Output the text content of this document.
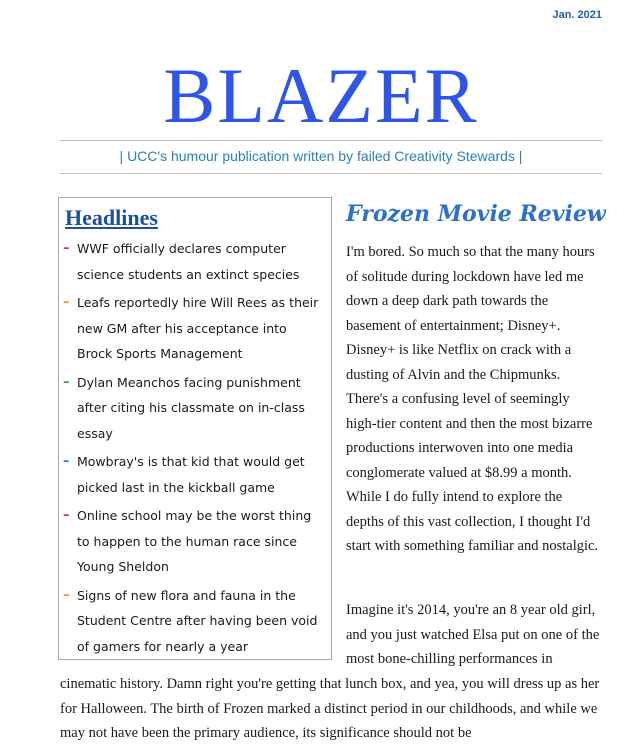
Jan. 2021
BLAZER
| UCC's humour publication written by failed Creativity Stewards |
Headlines
– WWF officially declares computer science students an extinct species
– Leafs reportedly hire Will Rees as their new GM after his acceptance into Brock Sports Management
– Dylan Meanchos facing punishment after citing his classmate on in-class essay
– Mowbray's is that kid that would get picked last in the kickball game
– Online school may be the worst thing to happen to the human race since Young Sheldon
– Signs of new flora and fauna in the Student Centre after having been void of gamers for nearly a year
Frozen Movie Review

I'm bored. So much so that the many hours of solitude during lockdown have led me down a deep dark path towards the basement of entertainment; Disney+. Disney+ is like Netflix on crack with a dusting of Alvin and the Chipmunks. There's a confusing level of seemingly high-tier content and then the most bizarre productions interwoven into one media conglomerate valued at $8.99 a month. While I do fully intend to explore the depths of this vast collection, I thought I'd start with something familiar and nostalgic.

Imagine it's 2014, you're an 8 year old girl, and you just watched Elsa put on one of the most bone-chilling performances in

cinematic history. Damn right you're getting that lunch box, and yea, you will dress up as her for Halloween. The birth of Frozen marked a distinct period in our childhoods, and while we may not have been the primary audience, its significance should not be
